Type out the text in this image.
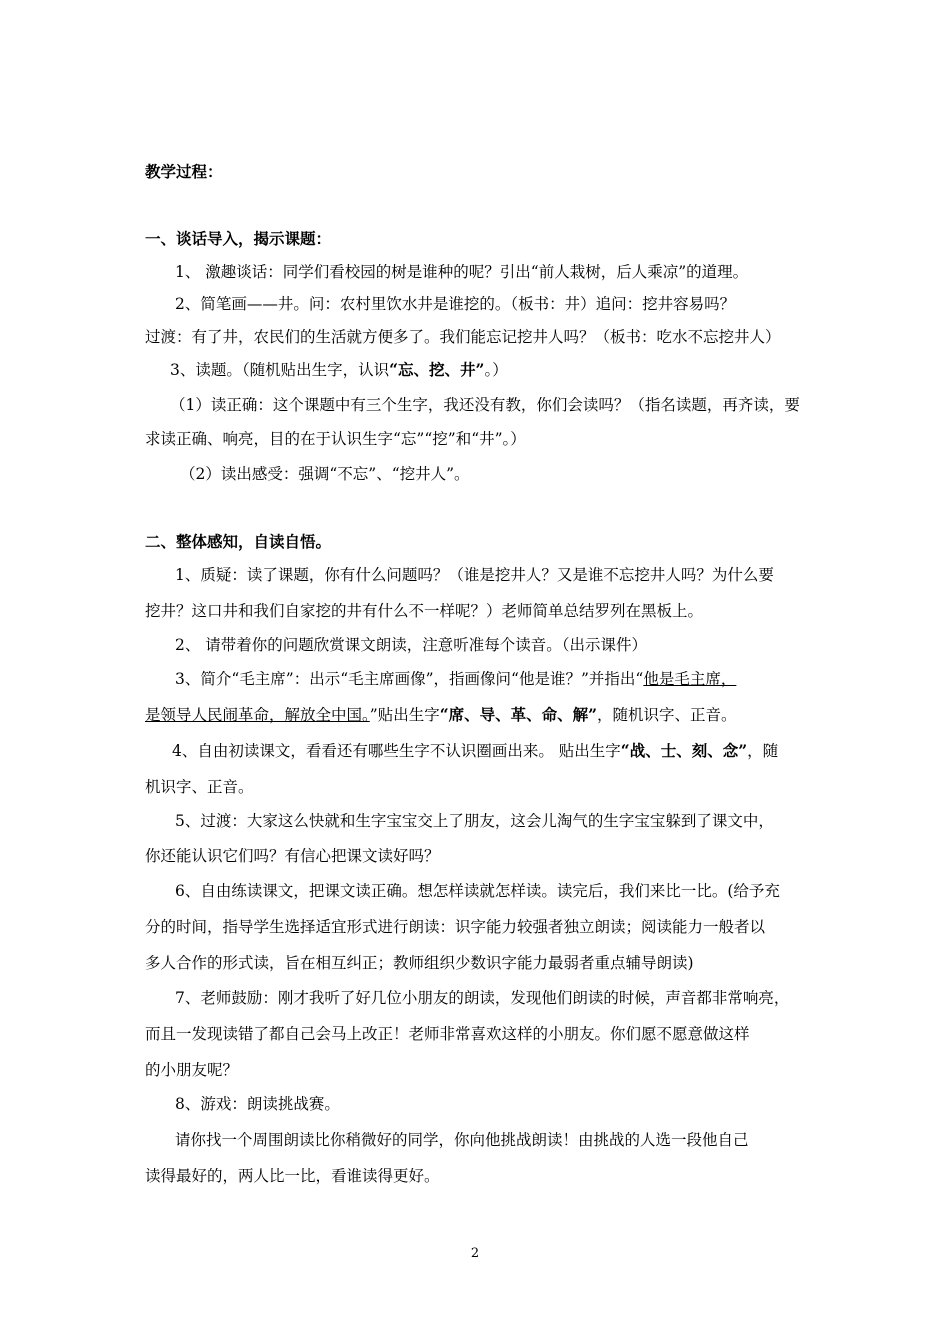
教学过程：
一、谈话导入，揭示课题：
1、 激趣谈话：同学们看校园的树是谁种的呢？引出“前人栽树，后人乘凉”的道理。
2、简笔画——井。问：农村里饮水井是谁挖的。（板书：井）追问：挖井容易吗？
过渡：有了井，农民们的生活就方便多了。我们能忘记挖井人吗？（板书：吃水不忘挖井人）
3、读题。（随机贴出生字，认识“忘、挖、井”。）
（1）读正确：这个课题中有三个生字，我还没有教，你们会读吗？（指名读题，再齐读，要
求读正确、响亮，目的在于认识生字“忘”“挖”和“井”。）
（2）读出感受：强调“不忘”、“挖井人”。
二、整体感知，自读自悟。
1、质疑：读了课题，你有什么问题吗？（谁是挖井人？又是谁不忘挖井人吗？为什么要
挖井？这口井和我们自家挖的井有什么不一样呢？）老师简单总结罗列在黑板上。
2、 请带着你的问题欣赏课文朗读，注意听准每个读音。（出示课件）
3、简介“毛主席”：出示“毛主席画像”，指画像问“他是谁？”并指出“他是毛主席，
是领导人民闹革命，解放全中国。”贴出生字“席、导、革、命、解”，随机识字、正音。
4、自由初读课文，看看还有哪些生字不认识圈画出来。 贴出生字“战、士、刻、念”，随
机识字、正音。
5、过渡：大家这么快就和生字宝宝交上了朋友，这会儿淘气的生字宝宝躲到了课文中，
你还能认识它们吗？有信心把课文读好吗？
6、自由练读课文，把课文读正确。想怎样读就怎样读。读完后，我们来比一比。(给予充
分的时间，指导学生选择适宜形式进行朗读：识字能力较强者独立朗读；阅读能力一般者以
多人合作的形式读，旨在相互纠正；教师组织少数识字能力最弱者重点辅导朗读)
7、老师鼓励：刚才我听了好几位小朋友的朗读，发现他们朗读的时候，声音都非常响亮，
而且一发现读错了都自己会马上改正！老师非常喜欢这样的小朋友。你们愿不愿意做这样
的小朋友呢？
8、游戏：朗读挑战赛。
请你找一个周围朗读比你稍微好的同学，你向他挑战朗读！由挑战的人选一段他自己
读得最好的，两人比一比，看谁读得更好。
2
